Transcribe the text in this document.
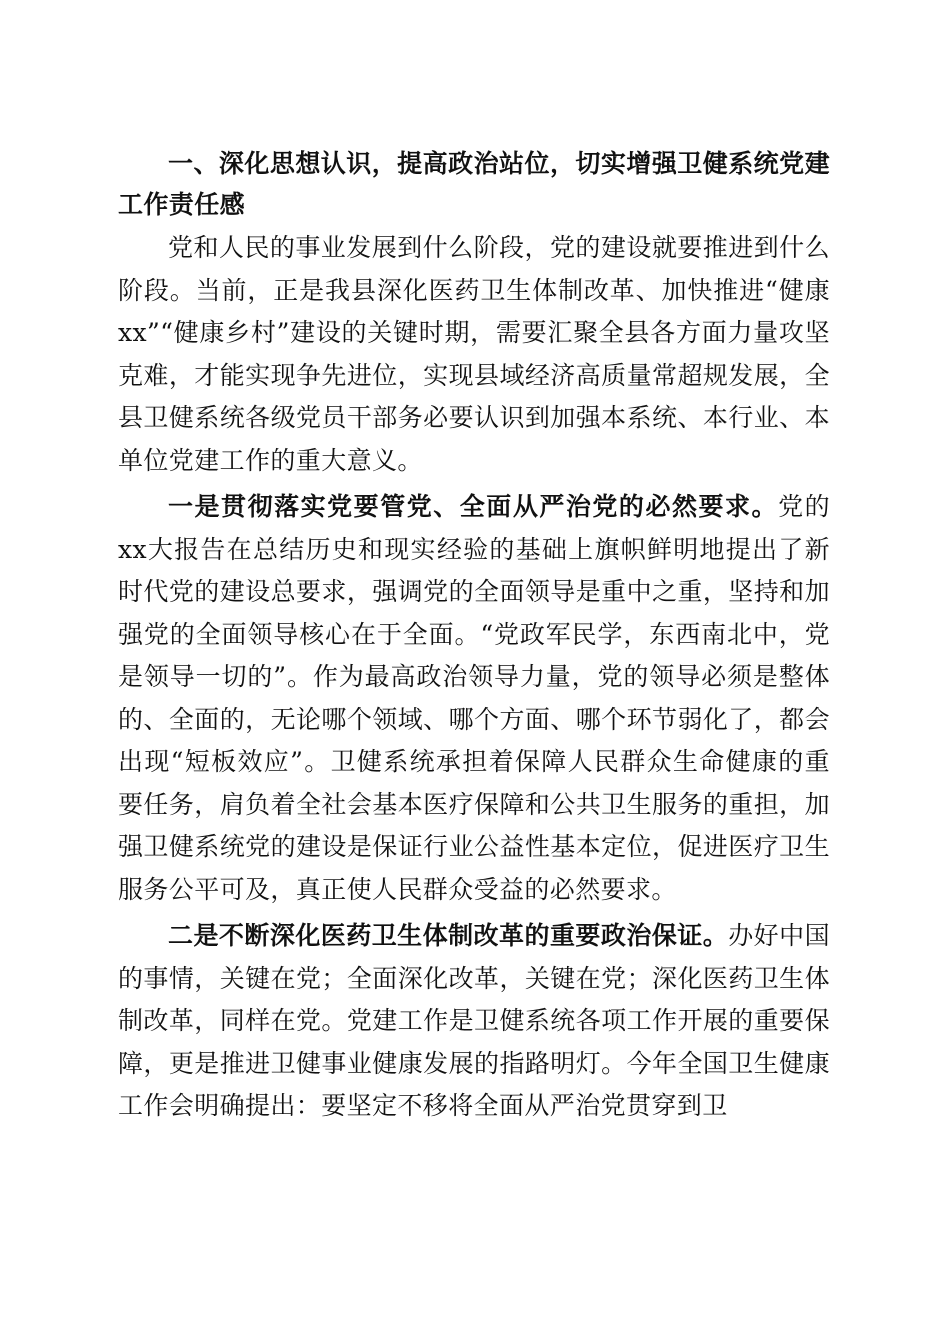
一、深化思想认识，提高政治站位，切实增强卫健系统党建工作责任感

党和人民的事业发展到什么阶段，党的建设就要推进到什么阶段。当前，正是我县深化医药卫生体制改革、加快推进“健康xx”“健康乡村”建设的关键时期，需要汇聚全县各方面力量攻坚克难，才能实现争先进位，实现县域经济高质量常超规发展，全县卫健系统各级党员干部务必要认识到加强本系统、本行业、本单位党建工作的重大意义。

一是贯彻落实党要管党、全面从严治党的必然要求。党的xx大报告在总结历史和现实经验的基础上旗帜鲜明地提出了新时代党的建设总要求，强调党的全面领导是重中之重，坚持和加强党的全面领导核心在于全面。“党政军民学，东西南北中，党是领导一切的”。作为最高政治领导力量，党的领导必须是整体的、全面的，无论哪个领域、哪个方面、哪个环节弱化了，都会出现“短板效应”。卫健系统承担着保障人民群众生命健康的重要任务，肩负着全社会基本医疗保障和公共卫生服务的重担，加强卫健系统党的建设是保证行业公益性基本定位，促进医疗卫生服务公平可及，真正使人民群众受益的必然要求。

二是不断深化医药卫生体制改革的重要政治保证。办好中国的事情，关键在党；全面深化改革，关键在党；深化医药卫生体制改革，同样在党。党建工作是卫健系统各项工作开展的重要保障，更是推进卫健事业健康发展的指路明灯。今年全国卫生健康工作会明确提出：要坚定不移将全面从严治党贯穿到卫
